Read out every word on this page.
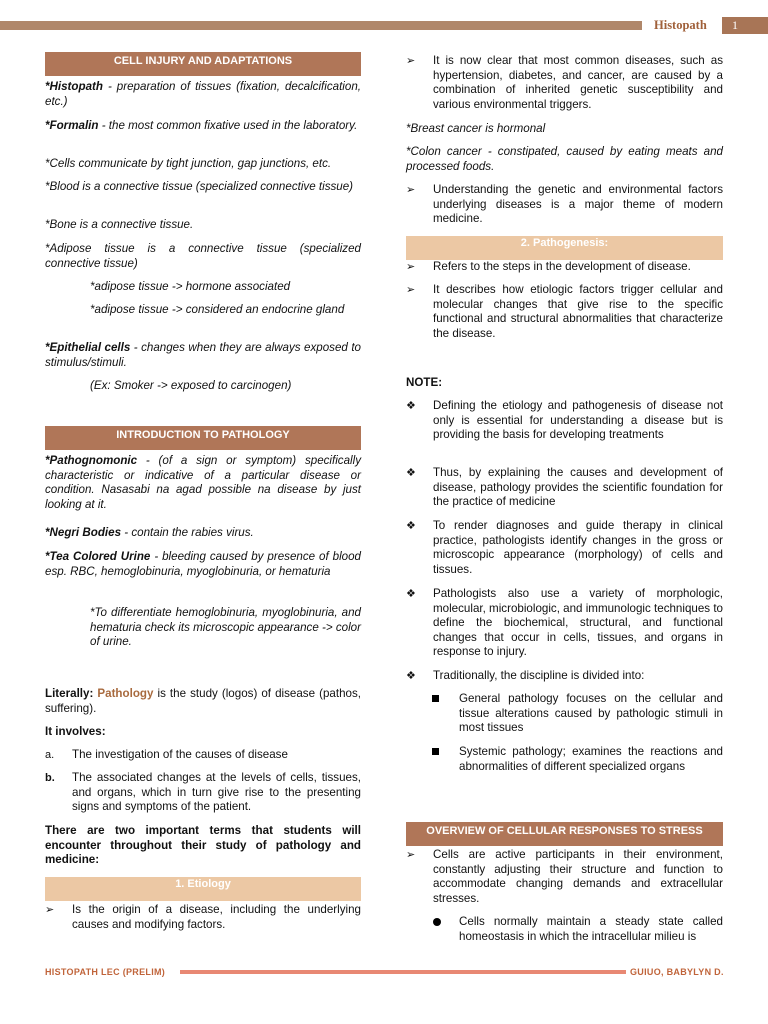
Histopath	1
CELL INJURY AND ADAPTATIONS

*Histopath - preparation of tissues (fixation, decalcification, etc.)

*Formalin - the most common fixative used in the laboratory.

*Cells communicate by tight junction, gap junctions, etc.

*Blood is a connective tissue (specialized connective tissue)

*Bone is a connective tissue.

*Adipose tissue is a connective tissue (specialized connective tissue)

*adipose tissue -> hormone associated

*adipose tissue -> considered an endocrine gland

*Epithelial cells - changes when they are always exposed to stimulus/stimuli.

(Ex: Smoker -> exposed to carcinogen)

INTRODUCTION TO PATHOLOGY

*Pathognomonic - (of a sign or symptom) specifically characteristic or indicative of a particular disease or condition. Nasasabi na agad possible na disease by just looking at it.

*Negri Bodies - contain the rabies virus.

*Tea Colored Urine - bleeding caused by presence of blood esp. RBC, hemoglobinuria, myoglobinuria, or hematuria

*To differentiate hemoglobinuria, myoglobinuria, and hematuria check its microscopic appearance -> color of urine.

Literally: Pathology is the study (logos) of disease (pathos, suffering).

It involves:

a. The investigation of the causes of disease
b. The associated changes at the levels of cells, tissues, and organs, which in turn give rise to the presenting signs and symptoms of the patient.

There are two important terms that students will encounter throughout their study of pathology and medicine:

1. Etiology
➢ Is the origin of a disease, including the underlying causes and modifying factors.
➢ It is now clear that most common diseases, such as hypertension, diabetes, and cancer, are caused by a combination of inherited genetic susceptibility and various environmental triggers.

*Breast cancer is hormonal

*Colon cancer - constipated, caused by eating meats and processed foods.

➢ Understanding the genetic and environmental factors underlying diseases is a major theme of modern medicine.
2. Pathogenesis:
➢ Refers to the steps in the development of disease.
➢ It describes how etiologic factors trigger cellular and molecular changes that give rise to the specific functional and structural abnormalities that characterize the disease.

NOTE:

❖ Defining the etiology and pathogenesis of disease not only is essential for understanding a disease but is providing the basis for developing treatments
❖ Thus, by explaining the causes and development of disease, pathology provides the scientific foundation for the practice of medicine
❖ To render diagnoses and guide therapy in clinical practice, pathologists identify changes in the gross or microscopic appearance (morphology) of cells and tissues.
❖ Pathologists also use a variety of morphologic, molecular, microbiologic, and immunologic techniques to define the biochemical, structural, and functional changes that occur in cells, tissues, and organs in response to injury.
❖ Traditionally, the discipline is divided into:
General pathology focuses on the cellular and tissue alterations caused by pathologic stimuli in most tissues
Systemic pathology; examines the reactions and abnormalities of different specialized organs
OVERVIEW OF CELLULAR RESPONSES TO STRESS
➢ Cells are active participants in their environment, constantly adjusting their structure and function to accommodate changing demands and extracellular stresses.
Cells normally maintain a steady state called homeostasis in which the intracellular milieu is
HISTOPATH LEC (PRELIM)	GUIUO, BABYLYN D.
